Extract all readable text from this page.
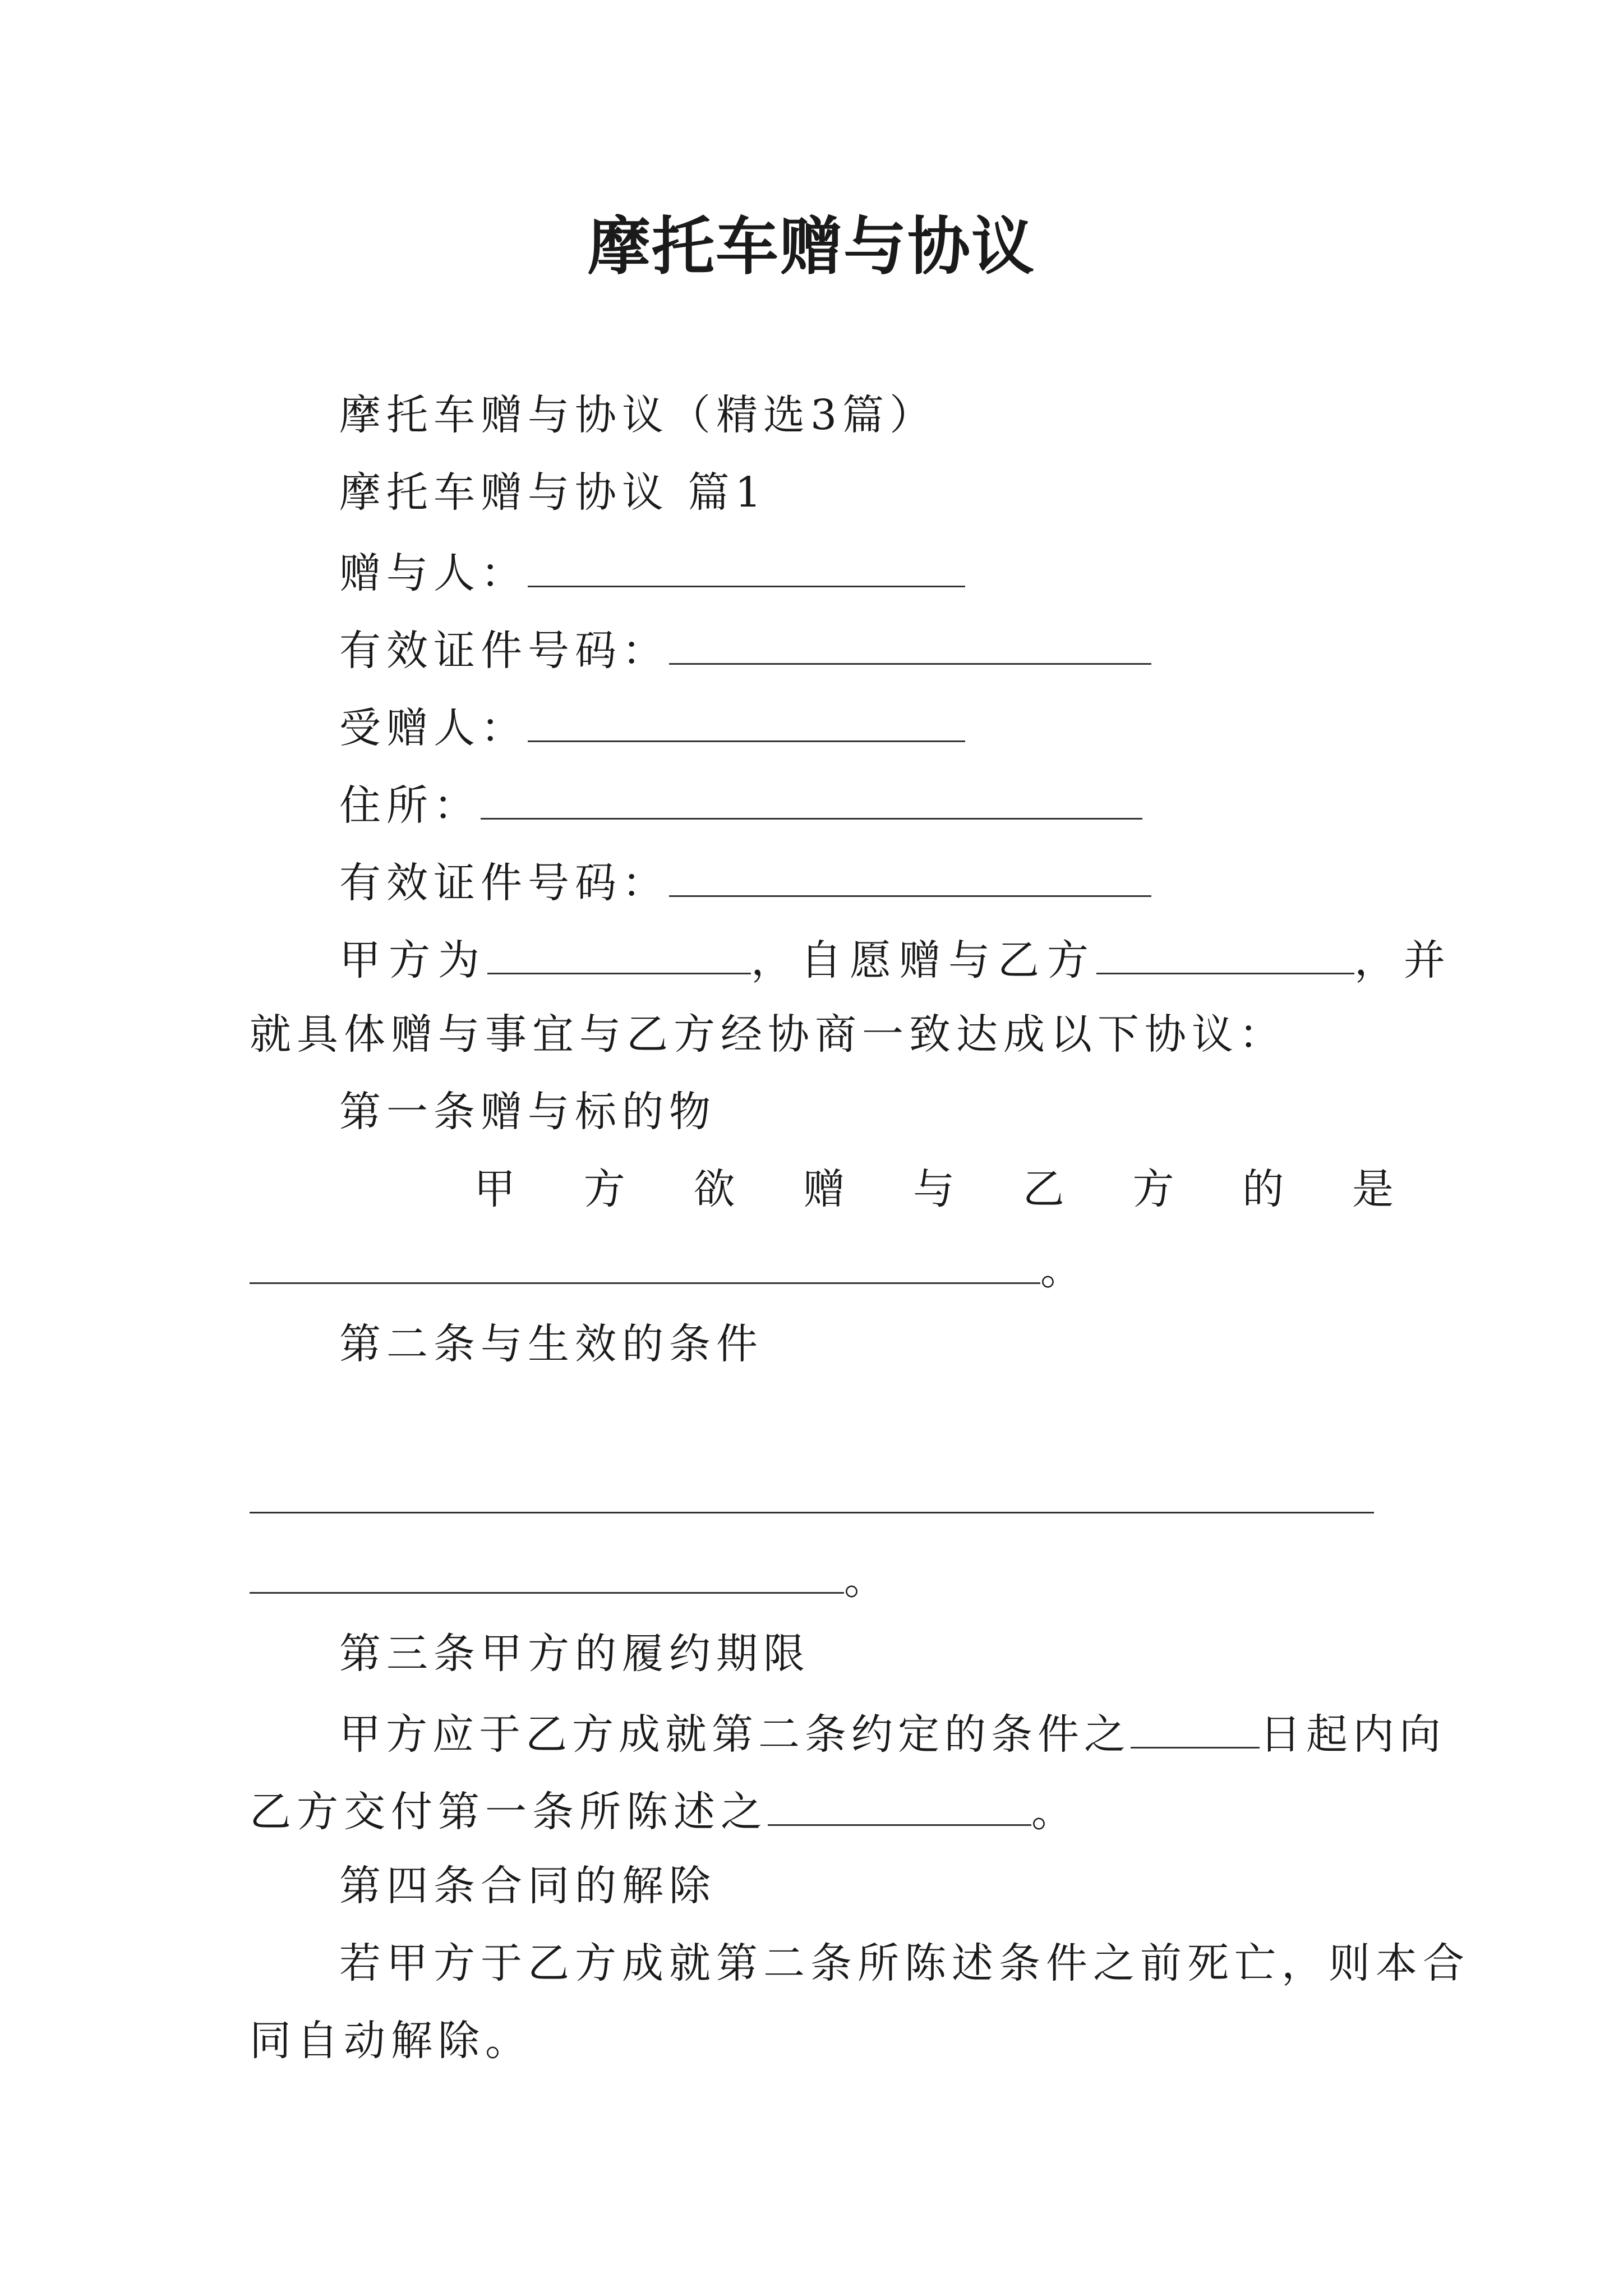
摩托车赠与协议
摩托车赠与协议（精选3篇）
摩托车赠与协议 篇1
赠与人：
有效证件号码：
受赠人：
住所：
有效证件号码：
甲方为	，自愿赠与乙方	，并
就具体赠与事宜与乙方经协商一致达成以下协议：
第一条赠与标的物
甲 方 欲 赠 与 乙 方 的 是
。
第二条与生效的条件
。
第三条甲方的履约期限
甲方应于乙方成就第二条约定的条件之	日起内向
乙方交付第一条所陈述之	。
第四条合同的解除
若甲方于乙方成就第二条所陈述条件之前死亡，则本合
同自动解除。
